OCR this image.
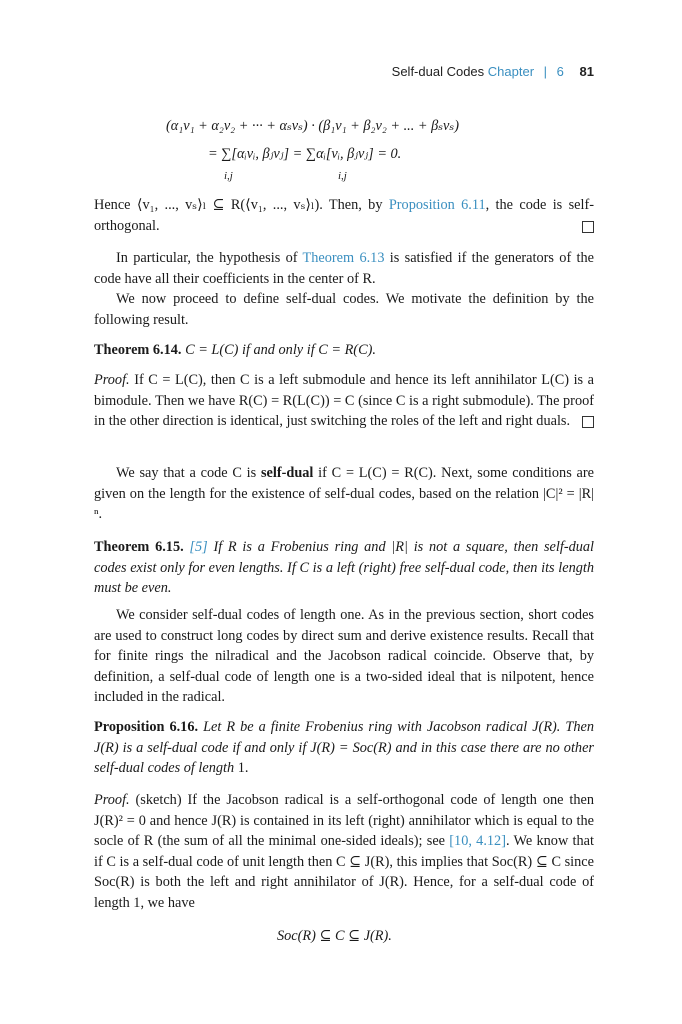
Self-dual Codes Chapter | 6 81
(α₁v₁ + α₂v₂ + ··· + αₛvₛ) · (β₁v₁ + β₂v₂ + ... + βₛvₛ)
= ∑[αᵢvᵢ, βⱼvⱼ] = ∑αᵢ[vᵢ, βⱼvⱼ] = 0.
i,j	i,j
Hence ⟨v₁, ..., vₛ⟩ₗ ⊆ R(⟨v₁, ..., vₛ⟩ₗ). Then, by Proposition 6.11, the code is self-orthogonal.
In particular, the hypothesis of Theorem 6.13 is satisfied if the generators of the code have all their coefficients in the center of R.
We now proceed to define self-dual codes. We motivate the definition by the following result.
Theorem 6.14. C = L(C) if and only if C = R(C).
Proof. If C = L(C), then C is a left submodule and hence its left annihilator L(C) is a bimodule. Then we have R(C) = R(L(C)) = C (since C is a right submodule). The proof in the other direction is identical, just switching the roles of the left and right duals.
We say that a code C is self-dual if C = L(C) = R(C). Next, some conditions are given on the length for the existence of self-dual codes, based on the relation |C|² = |R|ⁿ.
Theorem 6.15. [5] If R is a Frobenius ring and |R| is not a square, then self-dual codes exist only for even lengths. If C is a left (right) free self-dual code, then its length must be even.
We consider self-dual codes of length one. As in the previous section, short codes are used to construct long codes by direct sum and derive existence results. Recall that for finite rings the nilradical and the Jacobson radical coincide. Observe that, by definition, a self-dual code of length one is a two-sided ideal that is nilpotent, hence included in the radical.
Proposition 6.16. Let R be a finite Frobenius ring with Jacobson radical J(R). Then J(R) is a self-dual code if and only if J(R) = Soc(R) and in this case there are no other self-dual codes of length 1.
Proof. (sketch) If the Jacobson radical is a self-orthogonal code of length one then J(R)² = 0 and hence J(R) is contained in its left (right) annihilator which is equal to the socle of R (the sum of all the minimal one-sided ideals); see [10, 4.12]. We know that if C is a self-dual code of unit length then C ⊆ J(R), this implies that Soc(R) ⊆ C since Soc(R) is both the left and right annihilator of J(R). Hence, for a self-dual code of length 1, we have
Soc(R) ⊆ C ⊆ J(R).
